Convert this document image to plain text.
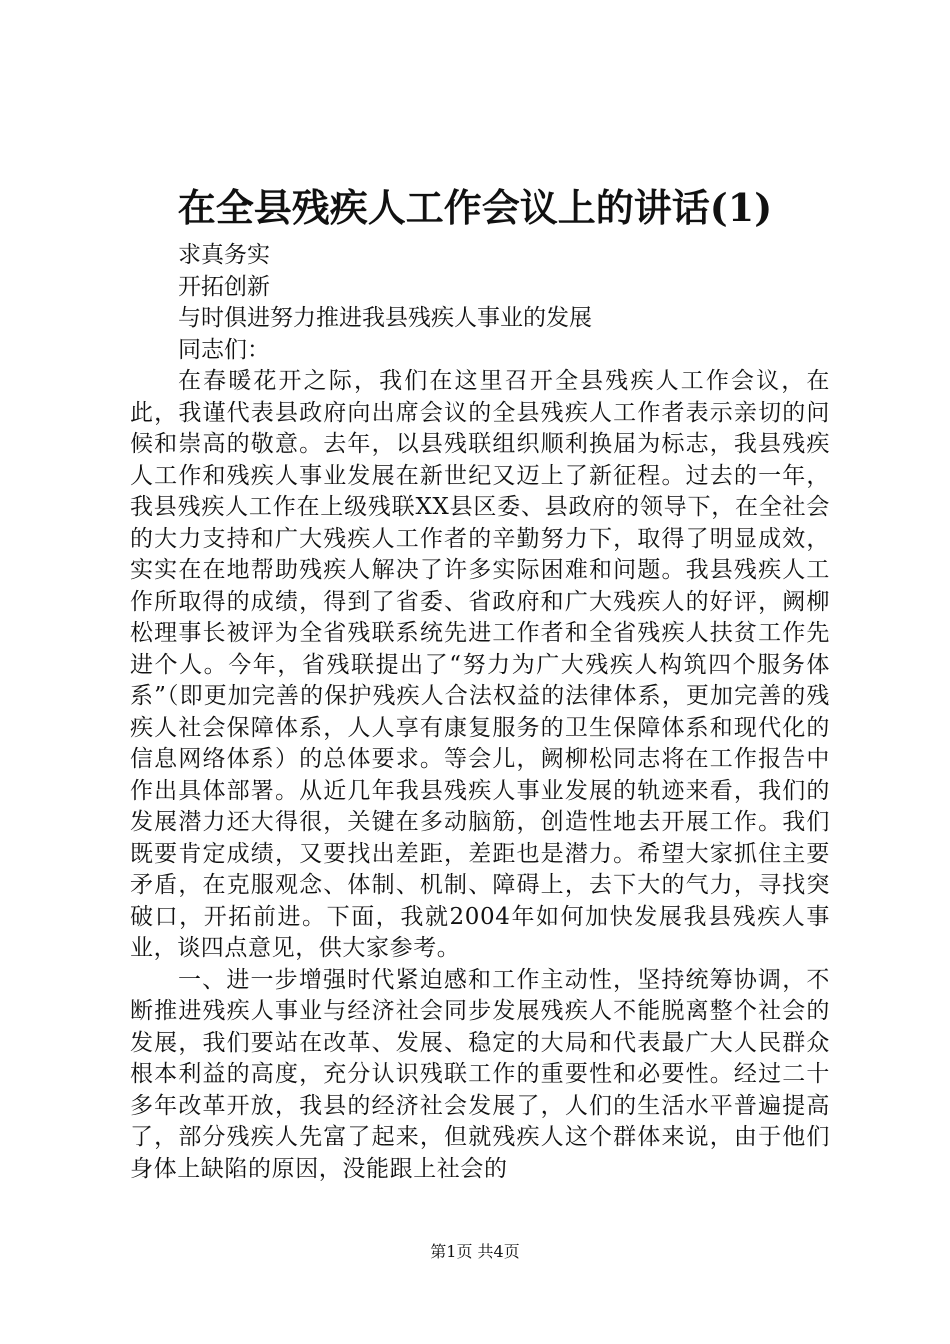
在全县残疾人工作会议上的讲话(1)

求真务实

开拓创新

与时俱进努力推进我县残疾人事业的发展

同志们：

在春暖花开之际，我们在这里召开全县残疾人工作会议，在此，我谨代表县政府向出席会议的全县残疾人工作者表示亲切的问候和崇高的敬意。去年，以县残联组织顺利换届为标志，我县残疾人工作和残疾人事业发展在新世纪又迈上了新征程。过去的一年，我县残疾人工作在上级残联XX县区委、县政府的领导下，在全社会的大力支持和广大残疾人工作者的辛勤努力下，取得了明显成效，实实在在地帮助残疾人解决了许多实际困难和问题。我县残疾人工作所取得的成绩，得到了省委、省政府和广大残疾人的好评，阙柳松理事长被评为全省残联系统先进工作者和全省残疾人扶贫工作先进个人。今年，省残联提出了“努力为广大残疾人构筑四个服务体系”（即更加完善的保护残疾人合法权益的法律体系，更加完善的残疾人社会保障体系，人人享有康复服务的卫生保障体系和现代化的信息网络体系）的总体要求。等会儿，阙柳松同志将在工作报告中作出具体部署。从近几年我县残疾人事业发展的轨迹来看，我们的发展潜力还大得很，关键在多动脑筋，创造性地去开展工作。我们既要肯定成绩，又要找出差距，差距也是潜力。希望大家抓住主要矛盾，在克服观念、体制、机制、障碍上，去下大的气力，寻找突破口，开拓前进。下面，我就2004年如何加快发展我县残疾人事业，谈四点意见，供大家参考。

一、进一步增强时代紧迫感和工作主动性，坚持统筹协调，不断推进残疾人事业与经济社会同步发展残疾人不能脱离整个社会的发展，我们要站在改革、发展、稳定的大局和代表最广大人民群众根本利益的高度，充分认识残联工作的重要性和必要性。经过二十多年改革开放，我县的经济社会发展了，人们的生活水平普遍提高了，部分残疾人先富了起来，但就残疾人这个群体来说，由于他们身体上缺陷的原因，没能跟上社会的

第1页 共4页
